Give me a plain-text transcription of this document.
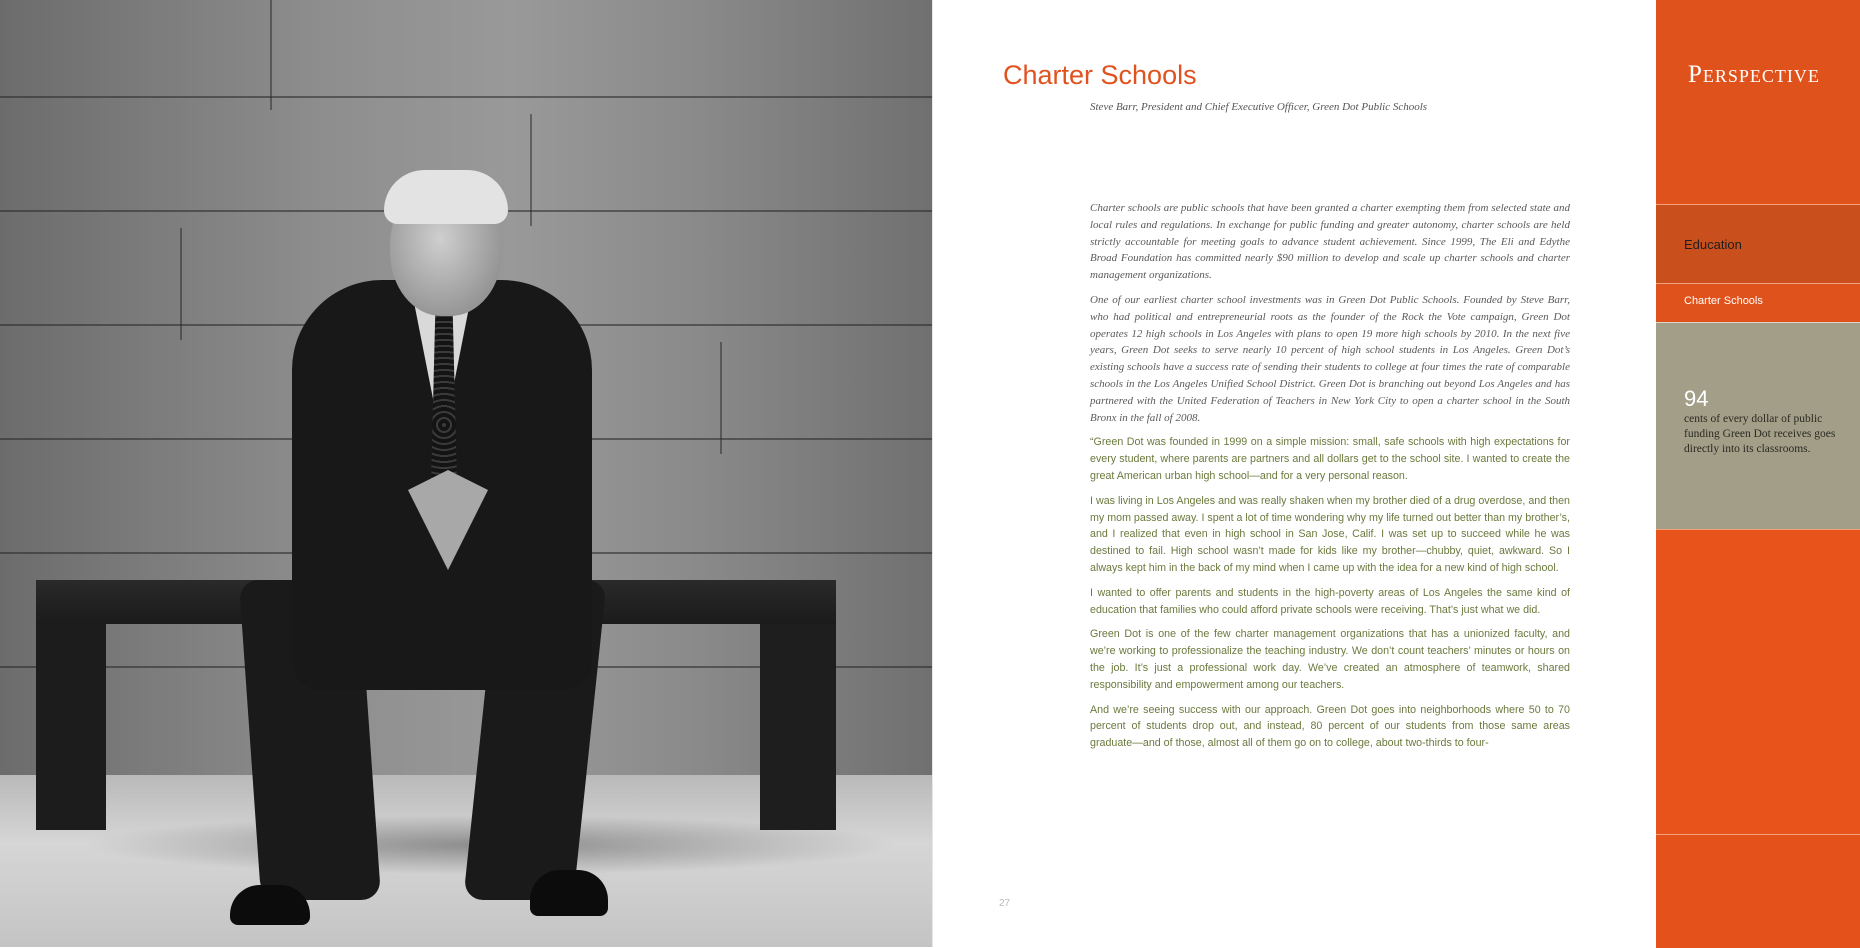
Charter Schools

Steve Barr, President and Chief Executive Officer, Green Dot Public Schools

Charter schools are public schools that have been granted a charter exempting them from selected state and local rules and regulations. In exchange for public funding and greater autonomy, charter schools are held strictly accountable for meeting goals to advance student achievement. Since 1999, The Eli and Edythe Broad Foundation has committed nearly $90 million to develop and scale up charter schools and charter management organizations.

One of our earliest charter school investments was in Green Dot Public Schools. Founded by Steve Barr, who had political and entrepreneurial roots as the founder of the Rock the Vote campaign, Green Dot operates 12 high schools in Los Angeles with plans to open 19 more high schools by 2010. In the next five years, Green Dot seeks to serve nearly 10 percent of high school students in Los Angeles. Green Dot’s existing schools have a success rate of sending their students to college at four times the rate of comparable schools in the Los Angeles Unified School District. Green Dot is branching out beyond Los Angeles and has partnered with the United Federation of Teachers in New York City to open a charter school in the South Bronx in the fall of 2008.

“Green Dot was founded in 1999 on a simple mission: small, safe schools with high expectations for every student, where parents are partners and all dollars get to the school site. I wanted to create the great American urban high school—and for a very personal reason.

I was living in Los Angeles and was really shaken when my brother died of a drug overdose, and then my mom passed away. I spent a lot of time wondering why my life turned out better than my brother’s, and I realized that even in high school in San Jose, Calif. I was set up to succeed while he was destined to fail. High school wasn’t made for kids like my brother—chubby, quiet, awkward. So I always kept him in the back of my mind when I came up with the idea for a new kind of high school.

I wanted to offer parents and students in the high-poverty areas of Los Angeles the same kind of education that families who could afford private schools were receiving. That’s just what we did.

Green Dot is one of the few charter management organizations that has a unionized faculty, and we’re working to professionalize the teaching industry. We don’t count teachers’ minutes or hours on the job. It’s just a professional work day. We’ve created an atmosphere of teamwork, shared responsibility and empowerment among our teachers.

And we’re seeing success with our approach. Green Dot goes into neighborhoods where 50 to 70 percent of students drop out, and instead, 80 percent of our students from those same areas graduate—and of those, almost all of them go on to college, about two-thirds to four-

27
Perspective
Education
Charter Schools
94
cents of every dollar of public funding Green Dot receives goes directly into its classrooms.
